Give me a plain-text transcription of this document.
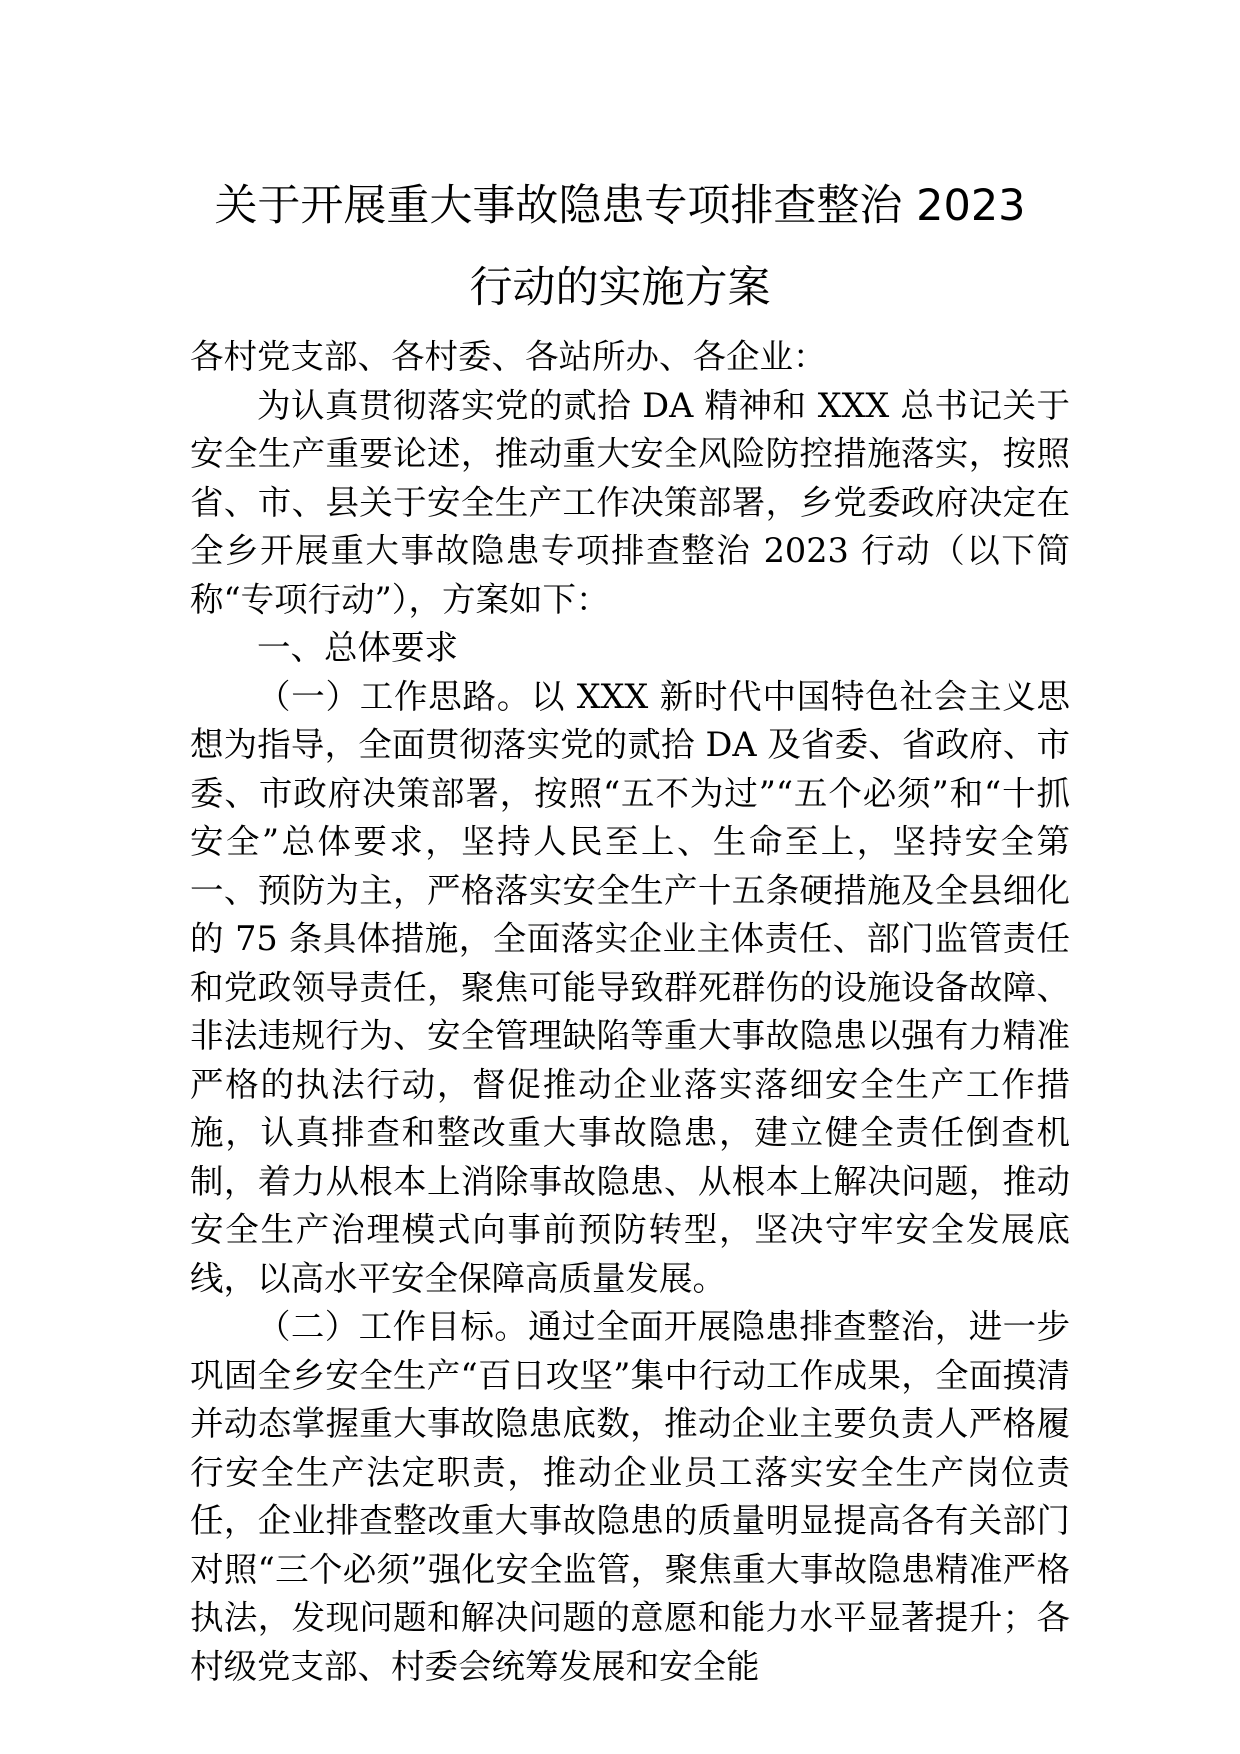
关于开展重大事故隐患专项排查整治 2023
行动的实施方案

各村党支部、各村委、各站所办、各企业：

为认真贯彻落实党的贰拾 DA 精神和 XXX 总书记关于安全生产重要论述，推动重大安全风险防控措施落实，按照省、市、县关于安全生产工作决策部署，乡党委政府决定在全乡开展重大事故隐患专项排查整治 2023 行动（以下简称“专项行动”），方案如下：

一、总体要求

（一）工作思路。以 XXX 新时代中国特色社会主义思想为指导，全面贯彻落实党的贰拾 DA 及省委、省政府、市委、市政府决策部署，按照“五不为过”“五个必须”和“十抓安全”总体要求，坚持人民至上、生命至上，坚持安全第一、预防为主，严格落实安全生产十五条硬措施及全县细化的 75 条具体措施，全面落实企业主体责任、部门监管责任和党政领导责任，聚焦可能导致群死群伤的设施设备故障、非法违规行为、安全管理缺陷等重大事故隐患以强有力精准严格的执法行动，督促推动企业落实落细安全生产工作措施，认真排查和整改重大事故隐患，建立健全责任倒查机制，着力从根本上消除事故隐患、从根本上解决问题，推动安全生产治理模式向事前预防转型，坚决守牢安全发展底线，以高水平安全保障高质量发展。

（二）工作目标。通过全面开展隐患排查整治，进一步巩固全乡安全生产“百日攻坚”集中行动工作成果，全面摸清并动态掌握重大事故隐患底数，推动企业主要负责人严格履行安全生产法定职责，推动企业员工落实安全生产岗位责任，企业排查整改重大事故隐患的质量明显提高各有关部门对照“三个必须”强化安全监管，聚焦重大事故隐患精准严格执法，发现问题和解决问题的意愿和能力水平显著提升；各村级党支部、村委会统筹发展和安全能
